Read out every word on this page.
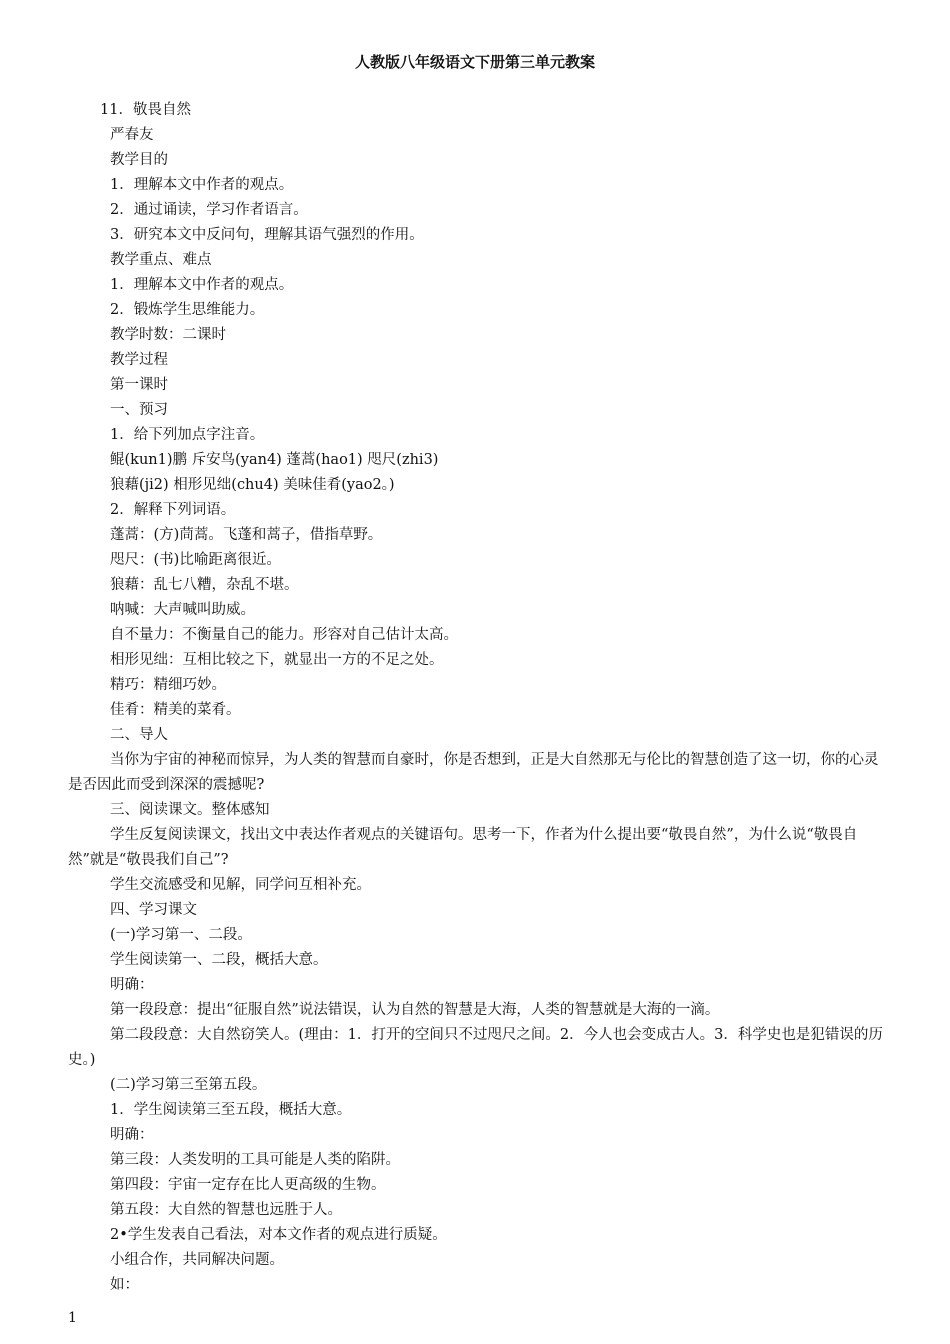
人教版八年级语文下册第三单元教案

11．敬畏自然

严春友

教学目的

1．理解本文中作者的观点。

2．通过诵读，学习作者语言。

3．研究本文中反问句，理解其语气强烈的作用。

教学重点、难点

1．理解本文中作者的观点。

2．锻炼学生思维能力。

教学时数：二课时

教学过程

第一课时

一、预习

1．给下列加点字注音。

鲲(kun1)鹏 斥安鸟(yan4) 蓬蒿(hao1) 咫尺(zhi3)

狼藉(ji2) 相形见绌(chu4) 美味佳肴(yao2。)

2．解释下列词语。

蓬蒿：(方)茼蒿。飞蓬和蒿子，借指草野。

咫尺：(书)比喻距离很近。

狼藉：乱七八糟，杂乱不堪。

呐喊：大声喊叫助威。

自不量力：不衡量自己的能力。形容对自己估计太高。

相形见绌：互相比较之下，就显出一方的不足之处。

精巧：精细巧妙。

佳肴：精美的菜肴。

二、导人

当你为宇宙的神秘而惊异，为人类的智慧而自豪时，你是否想到，正是大自然那无与伦比的智慧创造了这一切，你的心灵是否因此而受到深深的震撼呢?

三、阅读课文。整体感知

学生反复阅读课文，找出文中表达作者观点的关键语句。思考一下，作者为什么提出要“敬畏自然”，为什么说“敬畏自然”就是“敬畏我们自己”?

学生交流感受和见解，同学问互相补充。

四、学习课文

(一)学习第一、二段。

学生阅读第一、二段，概括大意。

明确：

第一段段意：提出“征服自然”说法错误，认为自然的智慧是大海，人类的智慧就是大海的一滴。

第二段段意：大自然窃笑人。(理由：1．打开的空间只不过咫尺之间。2．今人也会变成古人。3．科学史也是犯错误的历史。)

(二)学习第三至第五段。

1．学生阅读第三至五段，概括大意。

明确：

第三段：人类发明的工具可能是人类的陷阱。

第四段：宇宙一定存在比人更高级的生物。

第五段：大自然的智慧也远胜于人。

2•学生发表自己看法，对本文作者的观点进行质疑。

小组合作，共同解决问题。

如：

1
